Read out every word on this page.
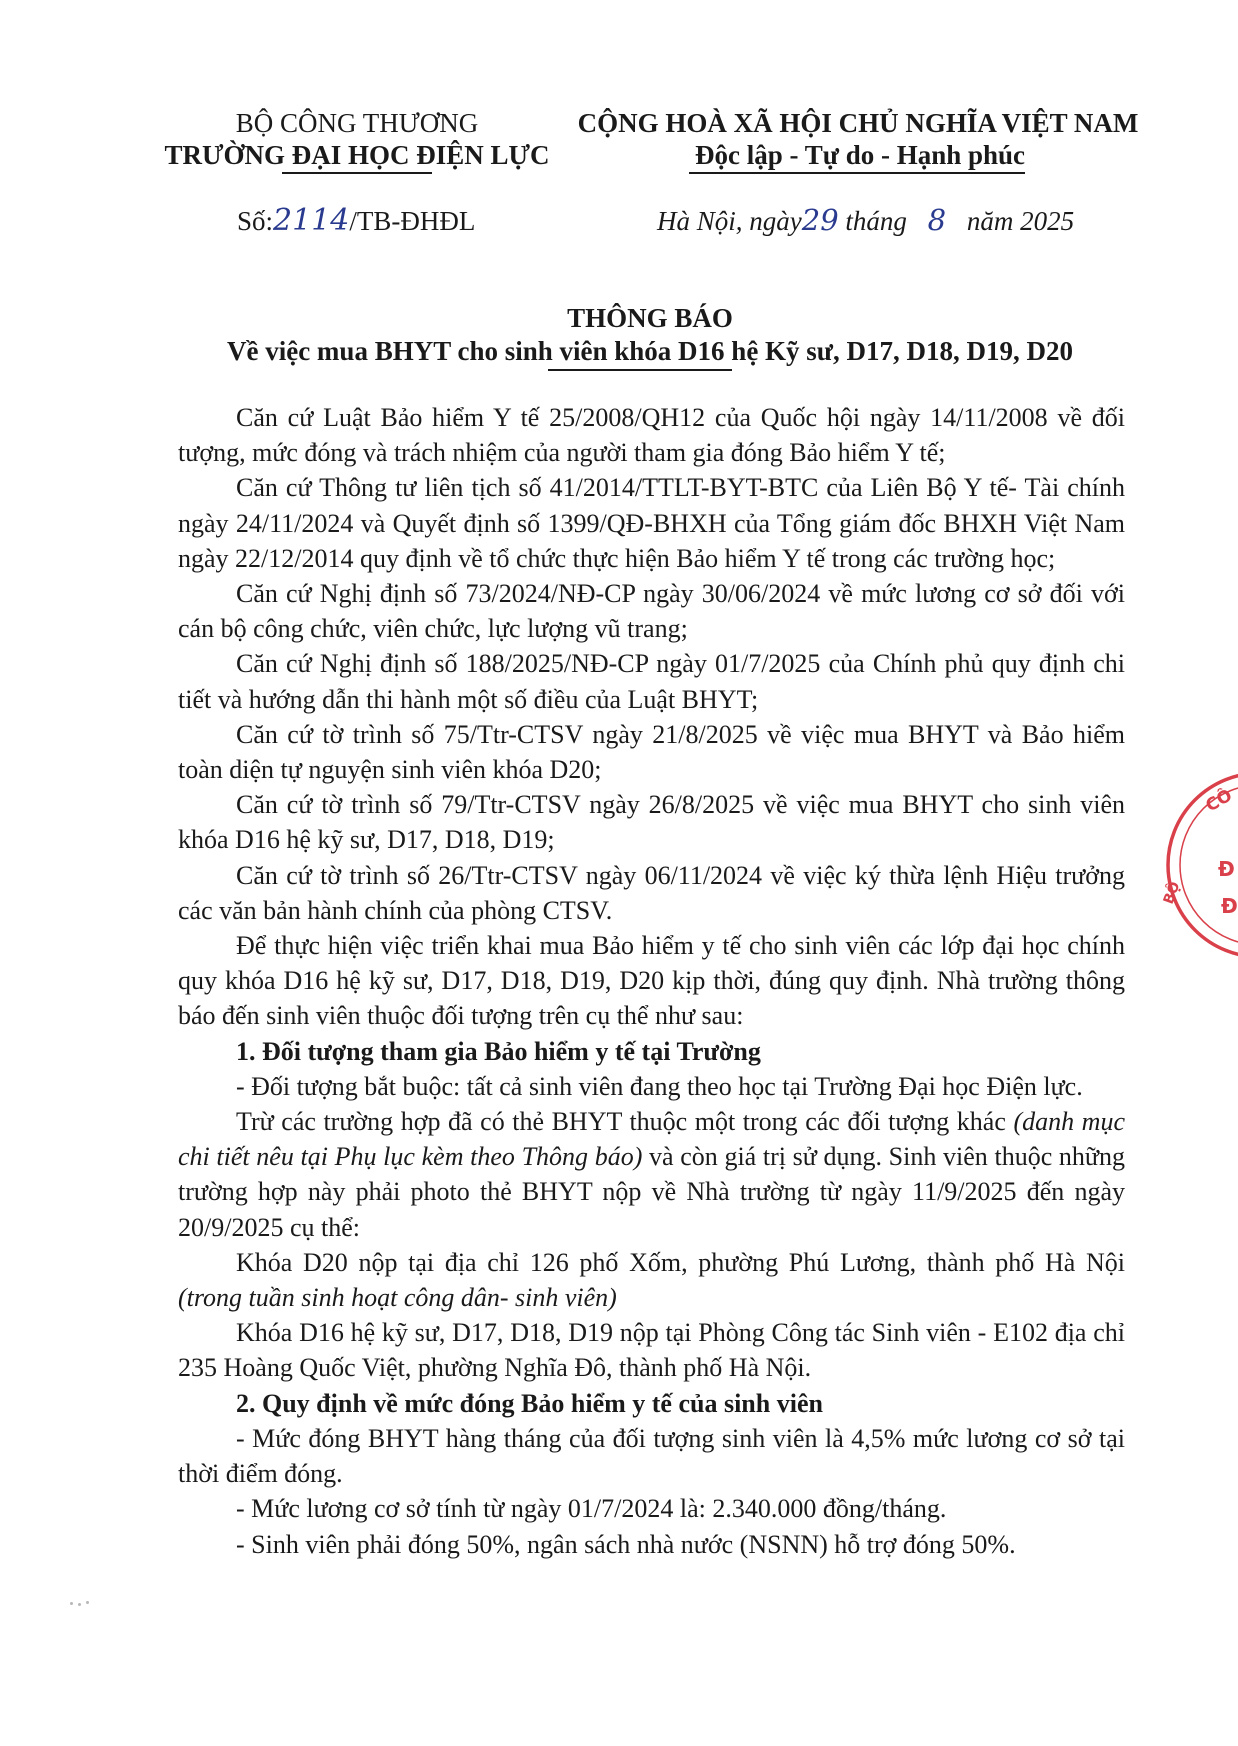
BỘ CÔNG THƯƠNG
TRƯỜNG ĐẠI HỌC ĐIỆN LỰC
Số:2114/TB-ĐHĐL
CỘNG HOÀ XÃ HỘI CHỦ NGHĨA VIỆT NAM
Độc lập - Tự do - Hạnh phúc
Hà Nội, ngày29 tháng 8 năm 2025
THÔNG BÁO
Về việc mua BHYT cho sinh viên khóa D16 hệ Kỹ sư, D17, D18, D19, D20

Căn cứ Luật Bảo hiểm Y tế 25/2008/QH12 của Quốc hội ngày 14/11/2008 về đối tượng, mức đóng và trách nhiệm của người tham gia đóng Bảo hiểm Y tế;

Căn cứ Thông tư liên tịch số 41/2014/TTLT-BYT-BTC của Liên Bộ Y tế- Tài chính ngày 24/11/2024 và Quyết định số 1399/QĐ-BHXH của Tổng giám đốc BHXH Việt Nam ngày 22/12/2014 quy định về tổ chức thực hiện Bảo hiểm Y tế trong các trường học;

Căn cứ Nghị định số 73/2024/NĐ-CP ngày 30/06/2024 về mức lương cơ sở đối với cán bộ công chức, viên chức, lực lượng vũ trang;

Căn cứ Nghị định số 188/2025/NĐ-CP ngày 01/7/2025 của Chính phủ quy định chi tiết và hướng dẫn thi hành một số điều của Luật BHYT;

Căn cứ tờ trình số 75/Ttr-CTSV ngày 21/8/2025 về việc mua BHYT và Bảo hiểm toàn diện tự nguyện sinh viên khóa D20;

Căn cứ tờ trình số 79/Ttr-CTSV ngày 26/8/2025 về việc mua BHYT cho sinh viên khóa D16 hệ kỹ sư, D17, D18, D19;

Căn cứ tờ trình số 26/Ttr-CTSV ngày 06/11/2024 về việc ký thừa lệnh Hiệu trưởng các văn bản hành chính của phòng CTSV.

Để thực hiện việc triển khai mua Bảo hiểm y tế cho sinh viên các lớp đại học chính quy khóa D16 hệ kỹ sư, D17, D18, D19, D20 kịp thời, đúng quy định. Nhà trường thông báo đến sinh viên thuộc đối tượng trên cụ thể như sau:

1. Đối tượng tham gia Bảo hiểm y tế tại Trường

- Đối tượng bắt buộc: tất cả sinh viên đang theo học tại Trường Đại học Điện lực.

Trừ các trường hợp đã có thẻ BHYT thuộc một trong các đối tượng khác (danh mục chi tiết nêu tại Phụ lục kèm theo Thông báo) và còn giá trị sử dụng. Sinh viên thuộc những trường hợp này phải photo thẻ BHYT nộp về Nhà trường từ ngày 11/9/2025 đến ngày 20/9/2025 cụ thể:

Khóa D20 nộp tại địa chỉ 126 phố Xốm, phường Phú Lương, thành phố Hà Nội (trong tuần sinh hoạt công dân- sinh viên)

Khóa D16 hệ kỹ sư, D17, D18, D19 nộp tại Phòng Công tác Sinh viên - E102 địa chỉ 235 Hoàng Quốc Việt, phường Nghĩa Đô, thành phố Hà Nội.

2. Quy định về mức đóng Bảo hiểm y tế của sinh viên

- Mức đóng BHYT hàng tháng của đối tượng sinh viên là 4,5% mức lương cơ sở tại thời điểm đóng.

- Mức lương cơ sở tính từ ngày 01/7/2024 là: 2.340.000 đồng/tháng.

- Sinh viên phải đóng 50%, ngân sách nhà nước (NSNN) hỗ trợ đóng 50%.

CÔ
BỘ
Đ
Đ
